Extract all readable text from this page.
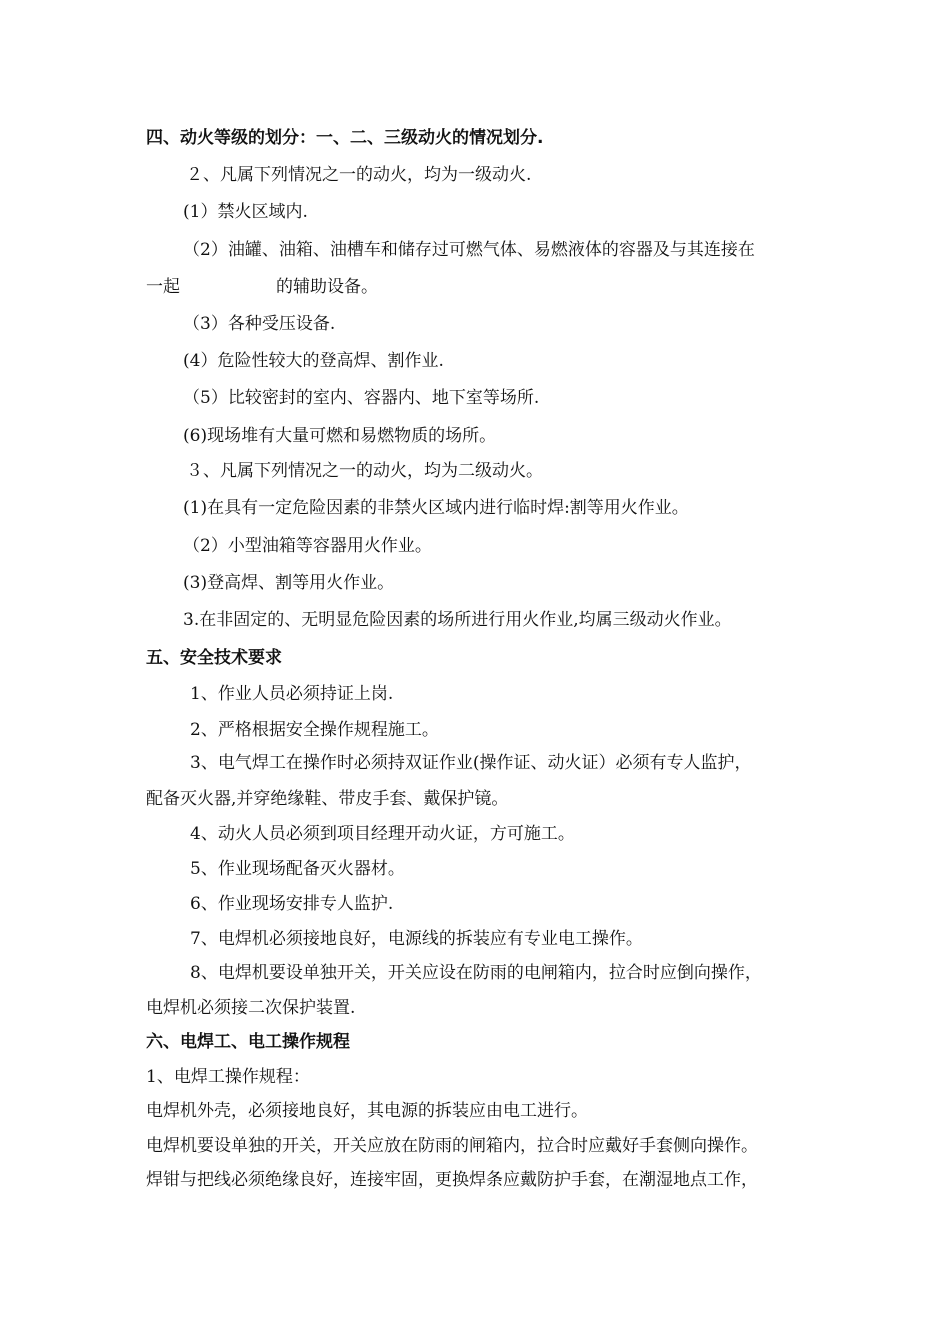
四、动火等级的划分：一、二、三级动火的情况划分.
２、凡属下列情况之一的动火，均为一级动火.
(1）禁火区域内.
（2）油罐、油箱、油槽车和储存过可燃气体、易燃液体的容器及与其连接在
一起	的辅助设备。
（3）各种受压设备.
(4）危险性较大的登高焊、割作业.
（5）比较密封的室内、容器内、地下室等场所.
(6)现场堆有大量可燃和易燃物质的场所。
３、凡属下列情况之一的动火，均为二级动火。
(1)在具有一定危险因素的非禁火区域内进行临时焊:割等用火作业。
（2）小型油箱等容器用火作业。
(3)登高焊、割等用火作业。
3.在非固定的、无明显危险因素的场所进行用火作业,均属三级动火作业。
五、安全技术要求
1、作业人员必须持证上岗.
2、严格根据安全操作规程施工。
3、电气焊工在操作时必须持双证作业(操作证、动火证）必须有专人监护，
配备灭火器,并穿绝缘鞋、带皮手套、戴保护镜。
4、动火人员必须到项目经理开动火证，方可施工。
5、作业现场配备灭火器材。
6、作业现场安排专人监护.
7、电焊机必须接地良好，电源线的拆装应有专业电工操作。
8、电焊机要设单独开关，开关应设在防雨的电闸箱内，拉合时应倒向操作，
电焊机必须接二次保护装置.
六、电焊工、电工操作规程
1、电焊工操作规程：
电焊机外壳，必须接地良好，其电源的拆装应由电工进行。
电焊机要设单独的开关，开关应放在防雨的闸箱内，拉合时应戴好手套侧向操作。
焊钳与把线必须绝缘良好，连接牢固，更换焊条应戴防护手套，在潮湿地点工作，
